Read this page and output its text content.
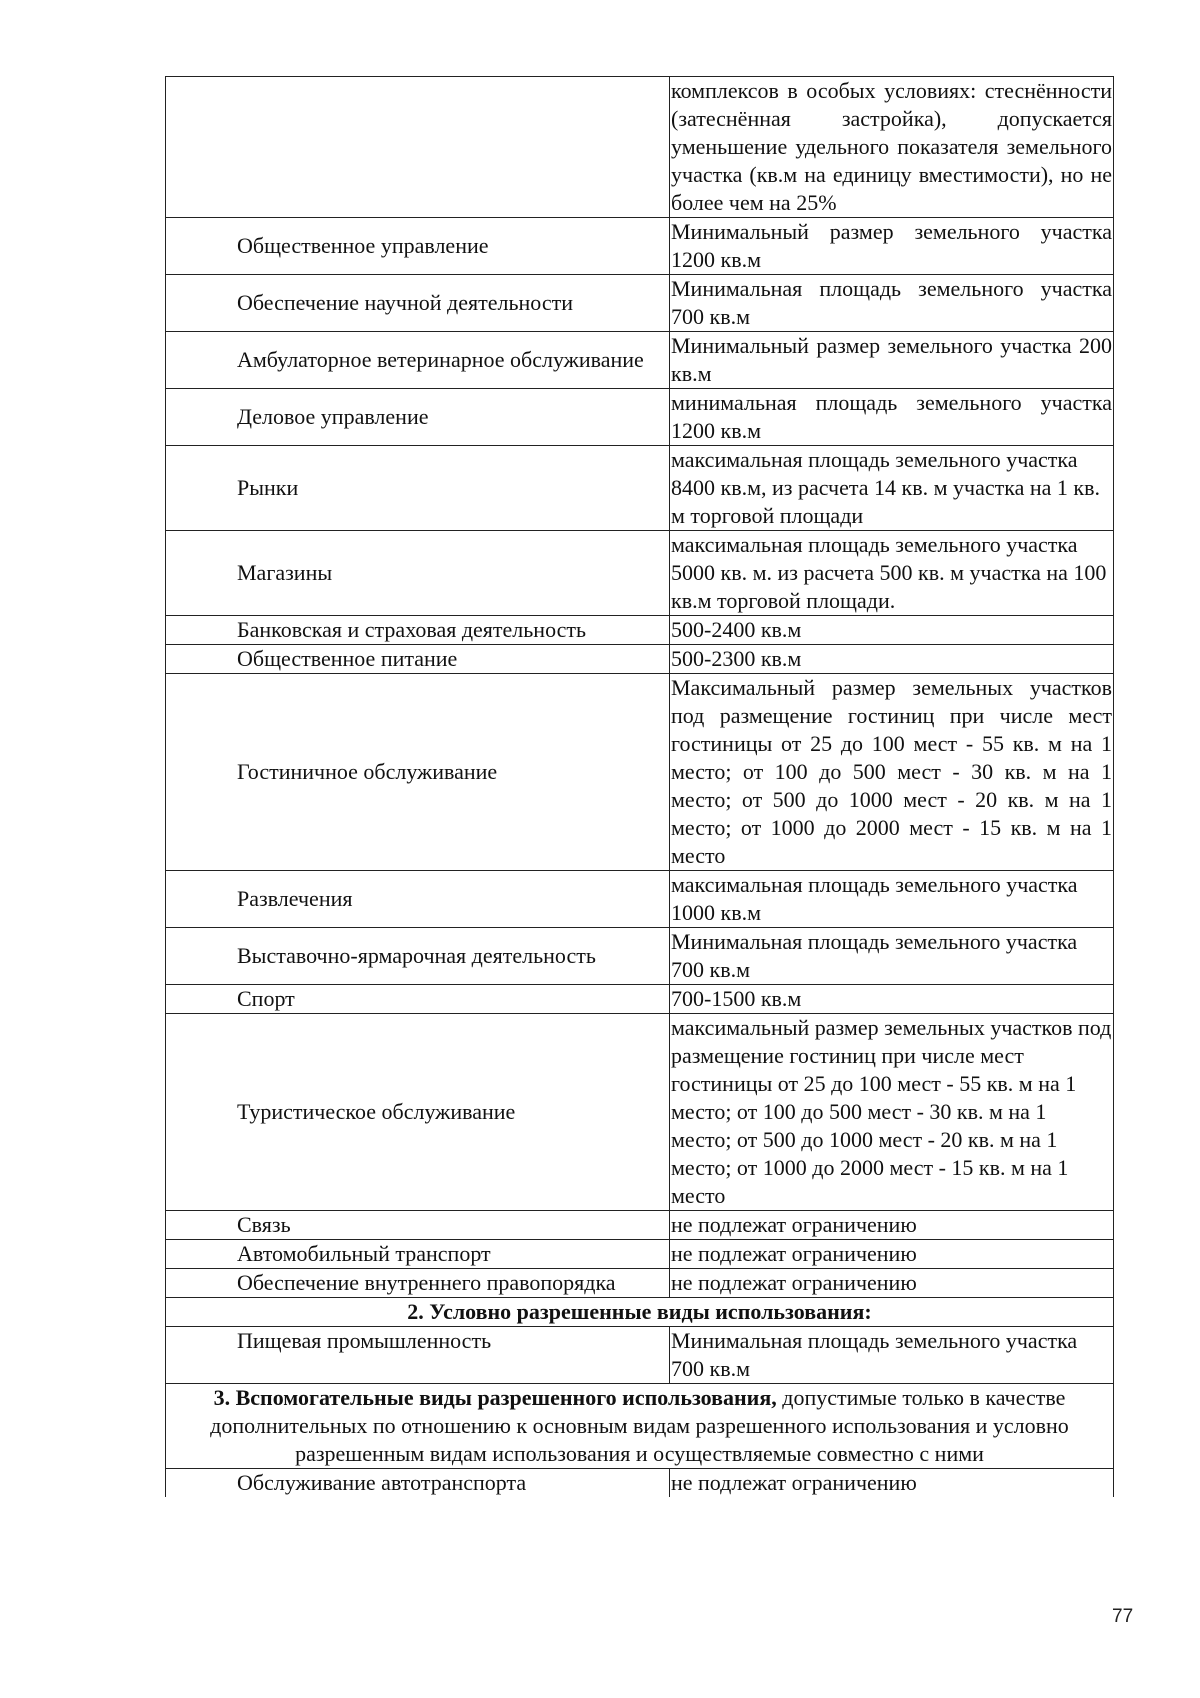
	комплексов в особых условиях: стеснённости (затеснённая застройка), допускается уменьшение удельного показателя земельного участка (кв.м на единицу вместимости), но не более чем на 25%

Общественное управление	Минимальный размер земельного участка 1200 кв.м

Обеспечение научной деятельности	Минимальная площадь земельного участка 700 кв.м

Амбулаторное ветеринарное обслуживание	Минимальный размер земельного участка 200 кв.м

Деловое управление	минимальная площадь земельного участка 1200 кв.м

Рынки	максимальная площадь земельного участка 8400 кв.м, из расчета 14 кв. м участка на 1 кв. м торговой площади

Магазины	максимальная площадь земельного участка 5000 кв. м. из расчета 500 кв. м участка на 100 кв.м торговой площади.

Банковская и страховая деятельность	500-2400 кв.м

Общественное питание	500-2300 кв.м

Гостиничное обслуживание	Максимальный размер земельных участков под размещение гостиниц при числе мест гостиницы от 25 до 100 мест - 55 кв. м на 1 место; от 100 до 500 мест - 30 кв. м на 1 место; от 500 до 1000 мест - 20 кв. м на 1 место; от 1000 до 2000 мест - 15 кв. м на 1 место

Развлечения	максимальная площадь земельного участка 1000 кв.м

Выставочно-ярмарочная деятельность	Минимальная площадь земельного участка 700 кв.м

Спорт	700-1500 кв.м

Туристическое обслуживание	максимальный размер земельных участков под размещение гостиниц при числе мест гостиницы от 25 до 100 мест - 55 кв. м на 1 место; от 100 до 500 мест - 30 кв. м на 1 место; от 500 до 1000 мест - 20 кв. м на 1 место; от 1000 до 2000 мест - 15 кв. м на 1 место

Связь	не подлежат ограничению

Автомобильный транспорт	не подлежат ограничению

Обеспечение внутреннего правопорядка	не подлежат ограничению
2. Условно разрешенные виды использования:	

Пищевая промышленность	Минимальная площадь земельного участка 700 кв.м
3. Вспомогательные виды разрешенного использования, допустимые только в качестве дополнительных по отношению к основным видам разрешенного использования и условно разрешенным видам использования и осуществляемые совместно с ними	

Обслуживание автотранспорта	не подлежат ограничению
77
